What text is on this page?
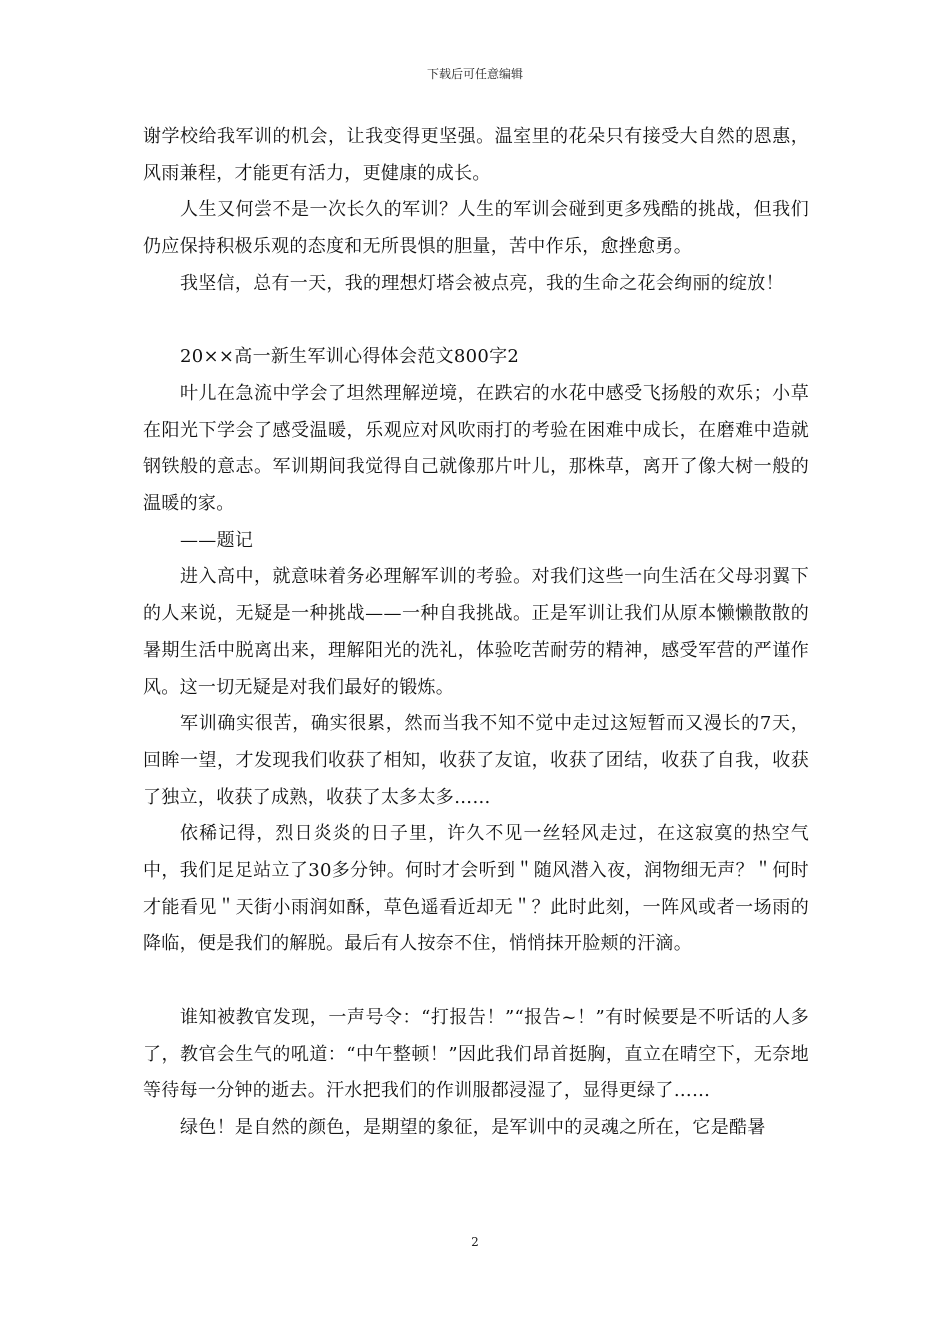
下载后可任意编辑

谢学校给我军训的机会，让我变得更坚强。温室里的花朵只有接受大自然的恩惠，风雨兼程，才能更有活力，更健康的成长。

人生又何尝不是一次长久的军训？人生的军训会碰到更多残酷的挑战，但我们仍应保持积极乐观的态度和无所畏惧的胆量，苦中作乐，愈挫愈勇。

我坚信，总有一天，我的理想灯塔会被点亮，我的生命之花会绚丽的绽放！

20××高一新生军训心得体会范文800字2

叶儿在急流中学会了坦然理解逆境，在跌宕的水花中感受飞扬般的欢乐；小草在阳光下学会了感受温暖，乐观应对风吹雨打的考验在困难中成长，在磨难中造就钢铁般的意志。军训期间我觉得自己就像那片叶儿，那株草，离开了像大树一般的温暖的家。

——题记

进入高中，就意味着务必理解军训的考验。对我们这些一向生活在父母羽翼下的人来说，无疑是一种挑战——一种自我挑战。正是军训让我们从原本懒懒散散的暑期生活中脱离出来，理解阳光的洗礼，体验吃苦耐劳的精神，感受军营的严谨作风。这一切无疑是对我们最好的锻炼。

军训确实很苦，确实很累，然而当我不知不觉中走过这短暂而又漫长的7天，回眸一望，才发现我们收获了相知，收获了友谊，收获了团结，收获了自我，收获了独立，收获了成熟，收获了太多太多……

依稀记得，烈日炎炎的日子里，许久不见一丝轻风走过，在这寂寞的热空气中，我们足足站立了30多分钟。何时才会听到＂随风潜入夜，润物细无声？＂何时才能看见＂天街小雨润如酥，草色遥看近却无＂？此时此刻，一阵风或者一场雨的降临，便是我们的解脱。最后有人按奈不住，悄悄抹开脸颊的汗滴。

谁知被教官发现，一声号令：“打报告！”“报告~！”有时候要是不听话的人多了，教官会生气的吼道：“中午整顿！”因此我们昂首挺胸，直立在晴空下，无奈地等待每一分钟的逝去。汗水把我们的作训服都浸湿了，显得更绿了……

绿色！是自然的颜色，是期望的象征，是军训中的灵魂之所在，它是酷暑

2
